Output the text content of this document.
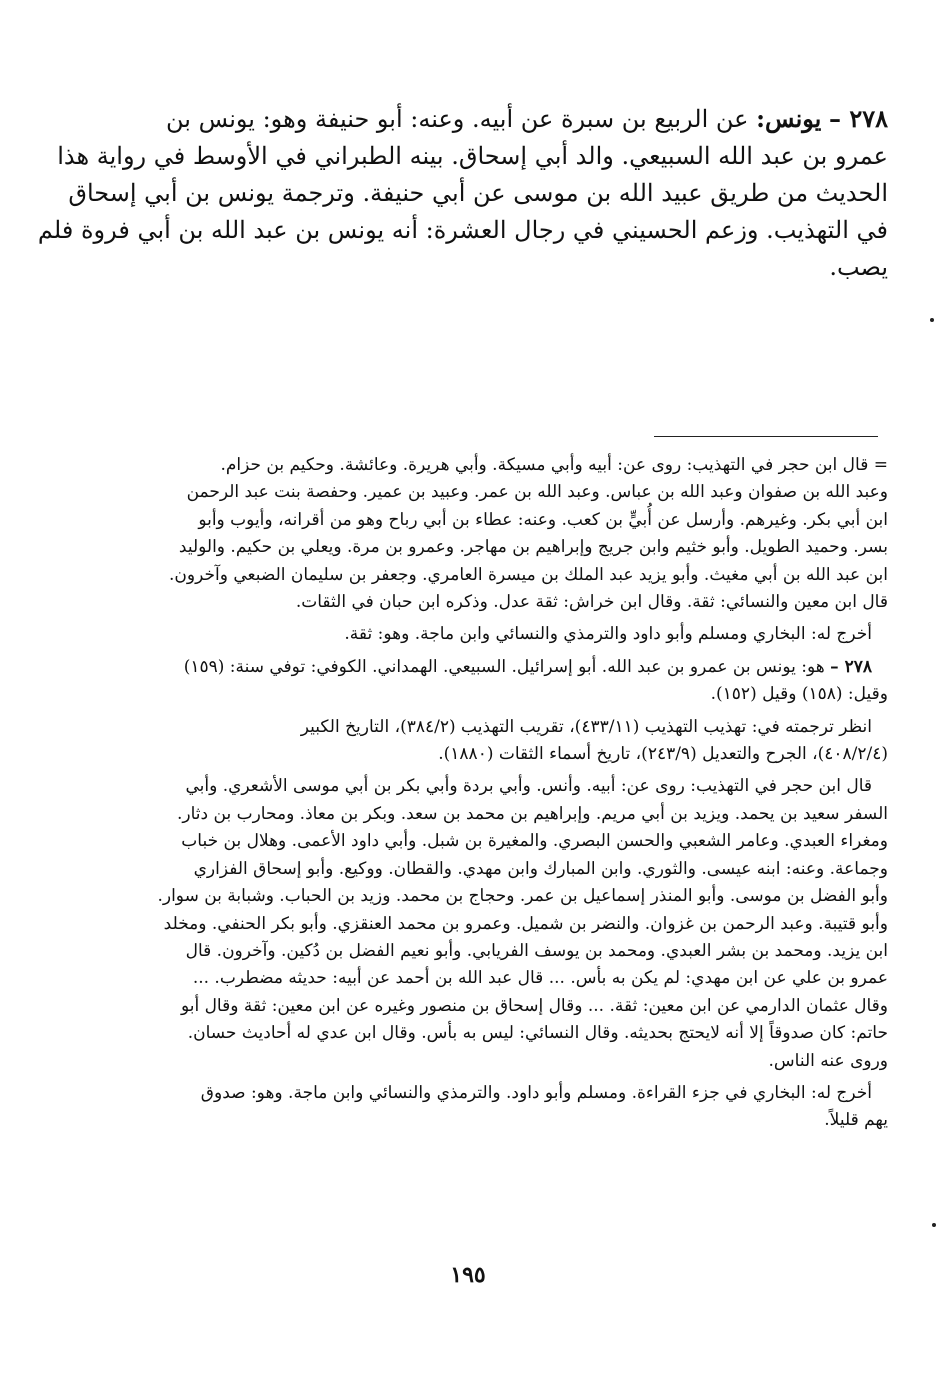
٢٧٨ – يونس: عن الربيع بن سبرة عن أبيه. وعنه: أبو حنيفة وهو: يونس بن
عمرو بن عبد الله السبيعي. والد أبي إسحاق. بينه الطبراني في الأوسط في رواية هذا
الحديث من طريق عبيد الله بن موسى عن أبي حنيفة. وترجمة يونس بن أبي إسحاق
في التهذيب. وزعم الحسيني في رجال العشرة: أنه يونس بن عبد الله بن أبي فروة فلم
يصب.
= قال ابن حجر في التهذيب: روى عن: أبيه وأبي مسيكة. وأبي هريرة. وعائشة. وحكيم بن حزام.
وعبد الله بن صفوان وعبد الله بن عباس. وعبد الله بن عمر. وعبيد بن عمير. وحفصة بنت عبد الرحمن
ابن أبي بكر. وغيرهم. وأرسل عن أُبيٍّ بن كعب. وعنه: عطاء بن أبي رباح وهو من أقرانه، وأيوب وأبو
بسر. وحميد الطويل. وأبو خثيم وابن جريج وإبراهيم بن مهاجر. وعمرو بن مرة. ويعلي بن حكيم. والوليد
ابن عبد الله بن أبي مغيث. وأبو يزيد عبد الملك بن ميسرة العامري. وجعفر بن سليمان الضبعي وآخرون.
قال ابن معين والنسائي: ثقة. وقال ابن خراش: ثقة عدل. وذكره ابن حبان في الثقات.
أخرج له: البخاري ومسلم وأبو داود والترمذي والنسائي وابن ماجة. وهو: ثقة.
٢٧٨ – هو: يونس بن عمرو بن عبد الله. أبو إسرائيل. السبيعي. الهمداني. الكوفي: توفي سنة: (١٥٩)
وقيل: (١٥٨) وقيل (١٥٢).
انظر ترجمته في: تهذيب التهذيب (٤٣٣/١١)، تقريب التهذيب (٣٨٤/٢)، التاريخ الكبير
(٤٠٨/٢/٤)، الجرح والتعديل (٢٤٣/٩)، تاريخ أسماء الثقات (١٨٨٠).
قال ابن حجر في التهذيب: روى عن: أبيه. وأنس. وأبي بردة وأبي بكر بن أبي موسى الأشعري. وأبي
السفر سعيد بن يحمد. ويزيد بن أبي مريم. وإبراهيم بن محمد بن سعد. وبكر بن معاذ. ومحارب بن دثار.
ومغراء العبدي. وعامر الشعبي والحسن البصري. والمغيرة بن شبل. وأبي داود الأعمى. وهلال بن خباب
وجماعة. وعنه: ابنه عيسى. والثوري. وابن المبارك وابن مهدي. والقطان. ووكيع. وأبو إسحاق الفزاري
وأبو الفضل بن موسى. وأبو المنذر إسماعيل بن عمر. وحجاج بن محمد. وزيد بن الحباب. وشبابة بن سوار.
وأبو قتيبة. وعبد الرحمن بن غزوان. والنضر بن شميل. وعمرو بن محمد العنقزي. وأبو بكر الحنفي. ومخلد
ابن يزيد. ومحمد بن بشر العبدي. ومحمد بن يوسف الفريابي. وأبو نعيم الفضل بن دُكين. وآخرون. قال
عمرو بن علي عن ابن مهدي: لم يكن به بأس. ... قال عبد الله بن أحمد عن أبيه: حديثه مضطرب. ...
وقال عثمان الدارمي عن ابن معين: ثقة. ... وقال إسحاق بن منصور وغيره عن ابن معين: ثقة وقال أبو
حاتم: كان صدوقاً إلا أنه لايحتج بحديثه. وقال النسائي: ليس به بأس. وقال ابن عدي له أحاديث حسان.
وروى عنه الناس.
أخرج له: البخاري في جزء القراءة. ومسلم وأبو داود. والترمذي والنسائي وابن ماجة. وهو: صدوق
يهم قليلاً.
١٩٥
